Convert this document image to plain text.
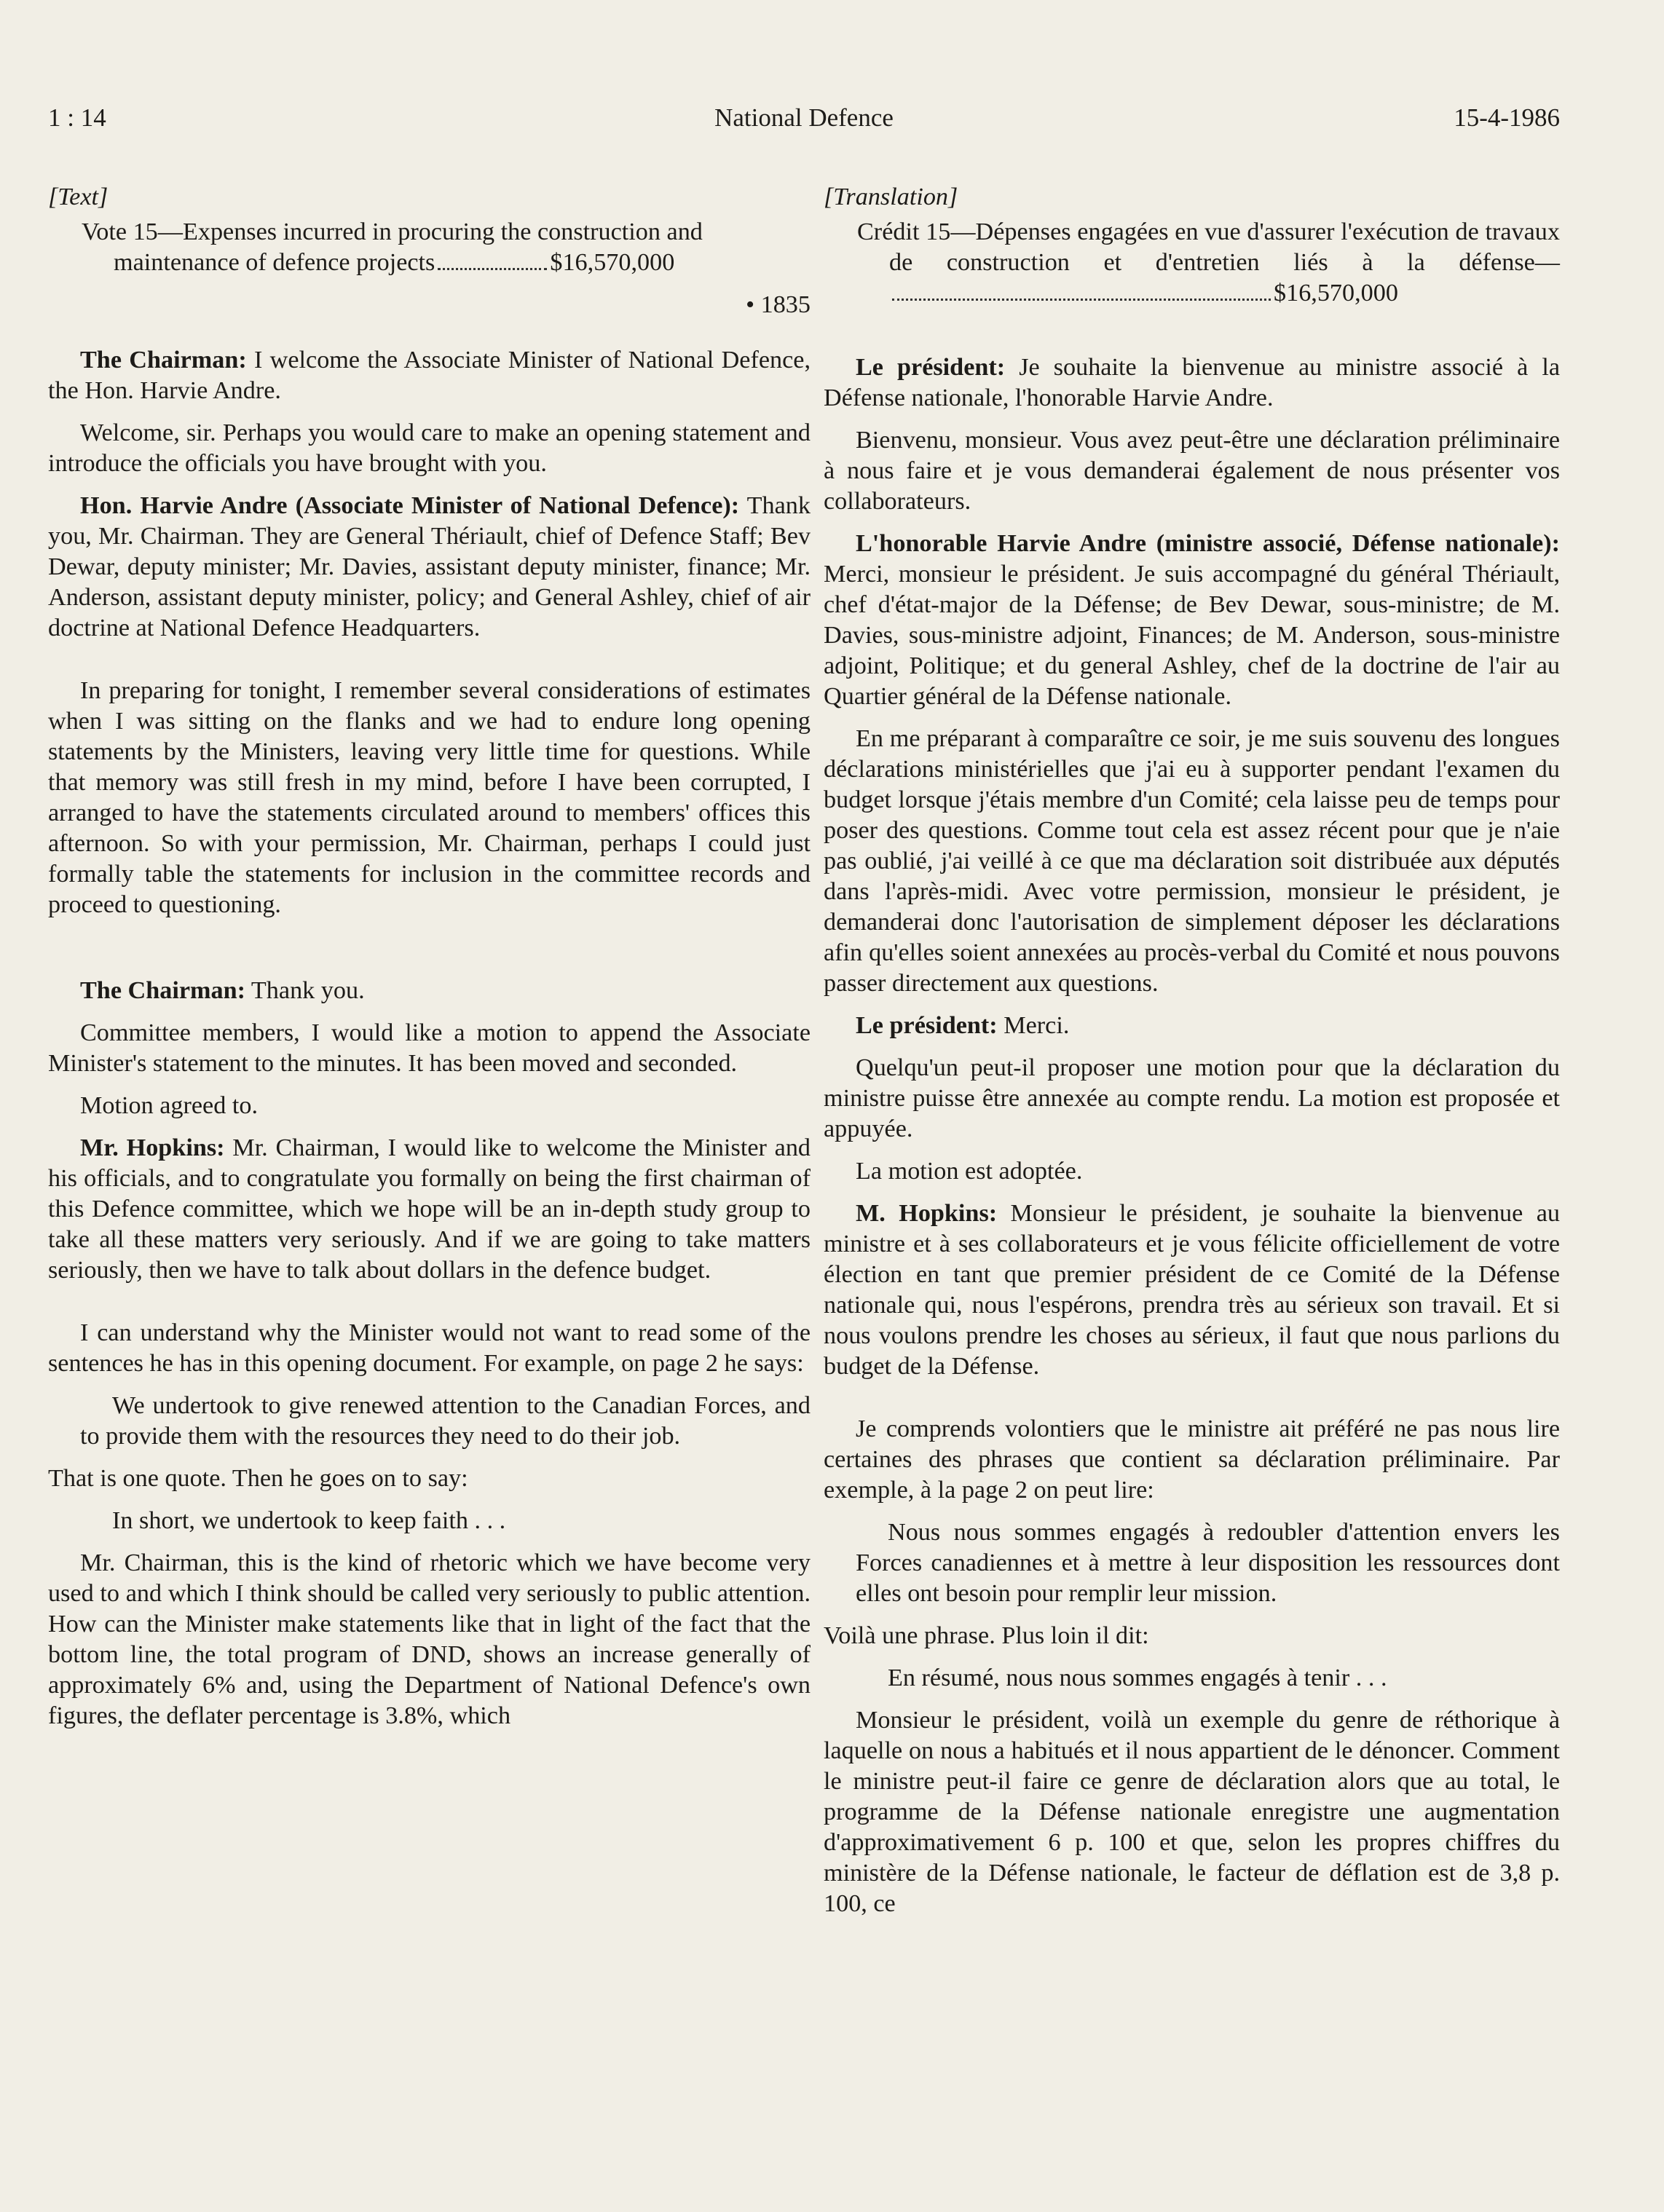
1 : 14	National Defence	15-4-1986
[Text]
Vote 15—Expenses incurred in procuring the construction and maintenance of defence projects	$16,570,000
• 1835

The Chairman: I welcome the Associate Minister of National Defence, the Hon. Harvie Andre.

Welcome, sir. Perhaps you would care to make an opening statement and introduce the officials you have brought with you.

Hon. Harvie Andre (Associate Minister of National Defence): Thank you, Mr. Chairman. They are General Thériault, chief of Defence Staff; Bev Dewar, deputy minister; Mr. Davies, assistant deputy minister, finance; Mr. Anderson, assistant deputy minister, policy; and General Ashley, chief of air doctrine at National Defence Headquarters.

In preparing for tonight, I remember several considerations of estimates when I was sitting on the flanks and we had to endure long opening statements by the Ministers, leaving very little time for questions. While that memory was still fresh in my mind, before I have been corrupted, I arranged to have the statements circulated around to members' offices this afternoon. So with your permission, Mr. Chairman, perhaps I could just formally table the statements for inclusion in the committee records and proceed to questioning.

The Chairman: Thank you.

Committee members, I would like a motion to append the Associate Minister's statement to the minutes. It has been moved and seconded.

Motion agreed to.

Mr. Hopkins: Mr. Chairman, I would like to welcome the Minister and his officials, and to congratulate you formally on being the first chairman of this Defence committee, which we hope will be an in-depth study group to take all these matters very seriously. And if we are going to take matters seriously, then we have to talk about dollars in the defence budget.

I can understand why the Minister would not want to read some of the sentences he has in this opening document. For example, on page 2 he says:

We undertook to give renewed attention to the Canadian Forces, and to provide them with the resources they need to do their job.

That is one quote. Then he goes on to say:

In short, we undertook to keep faith . . .

Mr. Chairman, this is the kind of rhetoric which we have become very used to and which I think should be called very seriously to public attention. How can the Minister make statements like that in light of the fact that the bottom line, the total program of DND, shows an increase generally of approximately 6% and, using the Department of National Defence's own figures, the deflater percentage is 3.8%, which

[Translation]
Crédit 15—Dépenses engagées en vue d'assurer l'exécution de travaux de construction et d'entretien liés à la défense—$16,570,000

Le président: Je souhaite la bienvenue au ministre associé à la Défense nationale, l'honorable Harvie Andre.

Bienvenu, monsieur. Vous avez peut-être une déclaration préliminaire à nous faire et je vous demanderai également de nous présenter vos collaborateurs.

L'honorable Harvie Andre (ministre associé, Défense nationale): Merci, monsieur le président. Je suis accompagné du général Thériault, chef d'état-major de la Défense; de Bev Dewar, sous-ministre; de M. Davies, sous-ministre adjoint, Finances; de M. Anderson, sous-ministre adjoint, Politique; et du general Ashley, chef de la doctrine de l'air au Quartier général de la Défense nationale.

En me préparant à comparaître ce soir, je me suis souvenu des longues déclarations ministérielles que j'ai eu à supporter pendant l'examen du budget lorsque j'étais membre d'un Comité; cela laisse peu de temps pour poser des questions. Comme tout cela est assez récent pour que je n'aie pas oublié, j'ai veillé à ce que ma déclaration soit distribuée aux députés dans l'après-midi. Avec votre permission, monsieur le président, je demanderai donc l'autorisation de simplement déposer les déclarations afin qu'elles soient annexées au procès-verbal du Comité et nous pouvons passer directement aux questions.

Le président: Merci.

Quelqu'un peut-il proposer une motion pour que la déclaration du ministre puisse être annexée au compte rendu. La motion est proposée et appuyée.

La motion est adoptée.

M. Hopkins: Monsieur le président, je souhaite la bienvenue au ministre et à ses collaborateurs et je vous félicite officiellement de votre élection en tant que premier président de ce Comité de la Défense nationale qui, nous l'espérons, prendra très au sérieux son travail. Et si nous voulons prendre les choses au sérieux, il faut que nous parlions du budget de la Défense.

Je comprends volontiers que le ministre ait préféré ne pas nous lire certaines des phrases que contient sa déclaration préliminaire. Par exemple, à la page 2 on peut lire:

Nous nous sommes engagés à redoubler d'attention envers les Forces canadiennes et à mettre à leur disposition les ressources dont elles ont besoin pour remplir leur mission.

Voilà une phrase. Plus loin il dit:

En résumé, nous nous sommes engagés à tenir . . .

Monsieur le président, voilà un exemple du genre de réthorique à laquelle on nous a habitués et il nous appartient de le dénoncer. Comment le ministre peut-il faire ce genre de déclaration alors que au total, le programme de la Défense nationale enregistre une augmentation d'approximativement 6 p. 100 et que, selon les propres chiffres du ministère de la Défense nationale, le facteur de déflation est de 3,8 p. 100, ce
